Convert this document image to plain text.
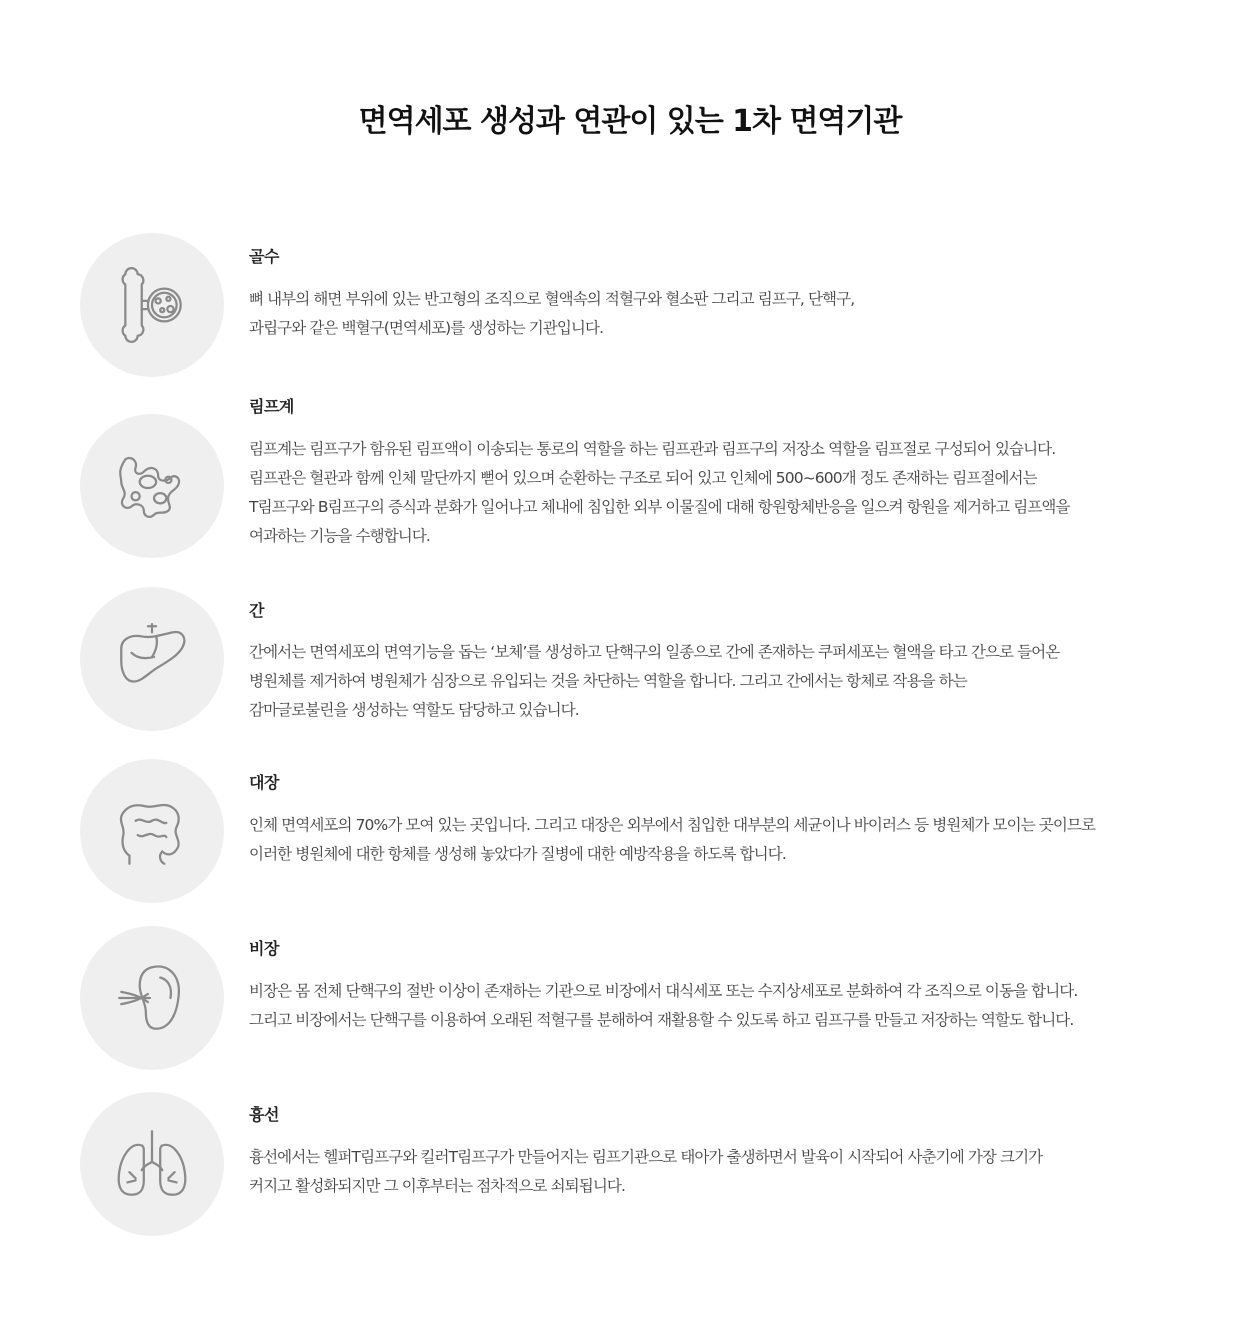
면역세포 생성과 연관이 있는 1차 면역기관
골수
뼈 내부의 해면 부위에 있는 반고형의 조직으로 혈액속의 적혈구와 혈소판 그리고 림프구, 단핵구,
과립구와 같은 백혈구(면역세포)를 생성하는 기관입니다.
림프계
림프계는 림프구가 함유된 림프액이 이송되는 통로의 역할을 하는 림프관과 림프구의 저장소 역할을 림프절로 구성되어 있습니다.
림프관은 혈관과 함께 인체 말단까지 뻗어 있으며 순환하는 구조로 되어 있고 인체에 500~600개 정도 존재하는 림프절에서는
T림프구와 B림프구의 증식과 분화가 일어나고 체내에 침입한 외부 이물질에 대해 항원항체반응을 일으켜 항원을 제거하고 림프액을
여과하는 기능을 수행합니다.
간
간에서는 면역세포의 면역기능을 돕는 ‘보체’를 생성하고 단핵구의 일종으로 간에 존재하는 쿠퍼세포는 혈액을 타고 간으로 들어온
병원체를 제거하여 병원체가 심장으로 유입되는 것을 차단하는 역할을 합니다. 그리고 간에서는 항체로 작용을 하는
감마글로불린을 생성하는 역할도 담당하고 있습니다.
대장
인체 면역세포의 70%가 모여 있는 곳입니다. 그리고 대장은 외부에서 침입한 대부분의 세균이나 바이러스 등 병원체가 모이는 곳이므로
이러한 병원체에 대한 항체를 생성해 놓았다가 질병에 대한 예방작용을 하도록 합니다.
비장
비장은 몸 전체 단핵구의 절반 이상이 존재하는 기관으로 비장에서 대식세포 또는 수지상세포로 분화하여 각 조직으로 이동을 합니다.
그리고 비장에서는 단핵구를 이용하여 오래된 적혈구를 분해하여 재활용할 수 있도록 하고 림프구를 만들고 저장하는 역할도 합니다.
흉선
흉선에서는 헬퍼T림프구와 킬러T림프구가 만들어지는 림프기관으로 태아가 출생하면서 발육이 시작되어 사춘기에 가장 크기가
커지고 활성화되지만 그 이후부터는 점차적으로 쇠퇴됩니다.
